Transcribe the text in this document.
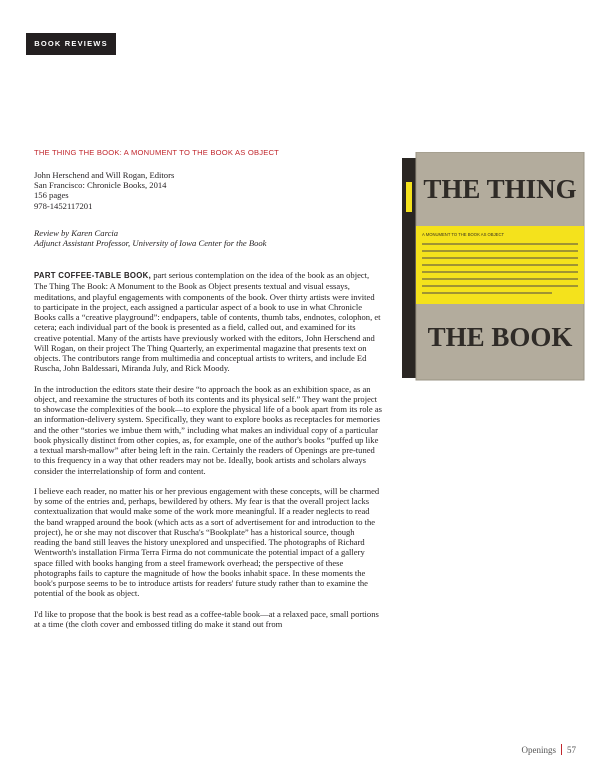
BOOK REVIEWS
THE THING THE BOOK: A MONUMENT TO THE BOOK AS OBJECT
John Herschend and Will Rogan, Editors
San Francisco: Chronicle Books, 2014
156 pages
978-1452117201
Review by Karen Carcia
Adjunct Assistant Professor, University of Iowa Center for the Book

PART COFFEE-TABLE BOOK, part serious contemplation on the idea of the book as an object, The Thing The Book: A Monument to the Book as Object presents textual and visual essays, meditations, and playful engagements with components of the book. Over thirty artists were invited to participate in the project, each assigned a particular aspect of a book to use in what Chronicle Books calls a “creative playground”: endpapers, table of contents, thumb tabs, endnotes, colophon, et cetera; each individual part of the book is presented as a field, called out, and examined for its creative potential. Many of the artists have previously worked with the editors, John Herschend and Will Rogan, on their project The Thing Quarterly, an experimental magazine that presents text on objects. The contributors range from multimedia and conceptual artists to writers, and include Ed Ruscha, John Baldessari, Miranda July, and Rick Moody.

In the introduction the editors state their desire “to approach the book as an exhibition space, as an object, and reexamine the structures of both its contents and its physical self.” They want the project to showcase the complexities of the book—to explore the physical life of a book apart from its role as an information-delivery system. Specifically, they want to explore books as receptacles for memories and the other “stories we imbue them with,” including what makes an individual copy of a particular book physically distinct from other copies, as, for example, one of the author's books “puffed up like a textual marsh-mallow” after being left in the rain. Certainly the readers of Openings are pre-tuned to this frequency in a way that other readers may not be. Ideally, book artists and scholars always consider the interrelationship of form and content.

I believe each reader, no matter his or her previous engagement with these concepts, will be charmed by some of the entries and, perhaps, bewildered by others. My fear is that the overall project lacks contextualization that would make some of the work more meaningful. If a reader neglects to read the band wrapped around the book (which acts as a sort of advertisement for and introduction to the project), he or she may not discover that Ruscha's “Bookplate” has a historical source, though reading the band still leaves the history unexplored and unspecified. The photographs of Richard Wentworth's installation Firma Terra Firma do not communicate the potential impact of a gallery space filled with books hanging from a steel framework overhead; the perspective of these photographs fails to capture the magnitude of how the books inhabit space. In these moments the book's purpose seems to be to introduce artists for readers' future study rather than to examine the potential of the book as object.

I'd like to propose that the book is best read as a coffee-table book—at a relaxed pace, small portions at a time (the cloth cover and embossed titling do make it stand out from

THE THING
A MONUMENT TO THE BOOK AS OBJECT
THE BOOK
Openings 57
